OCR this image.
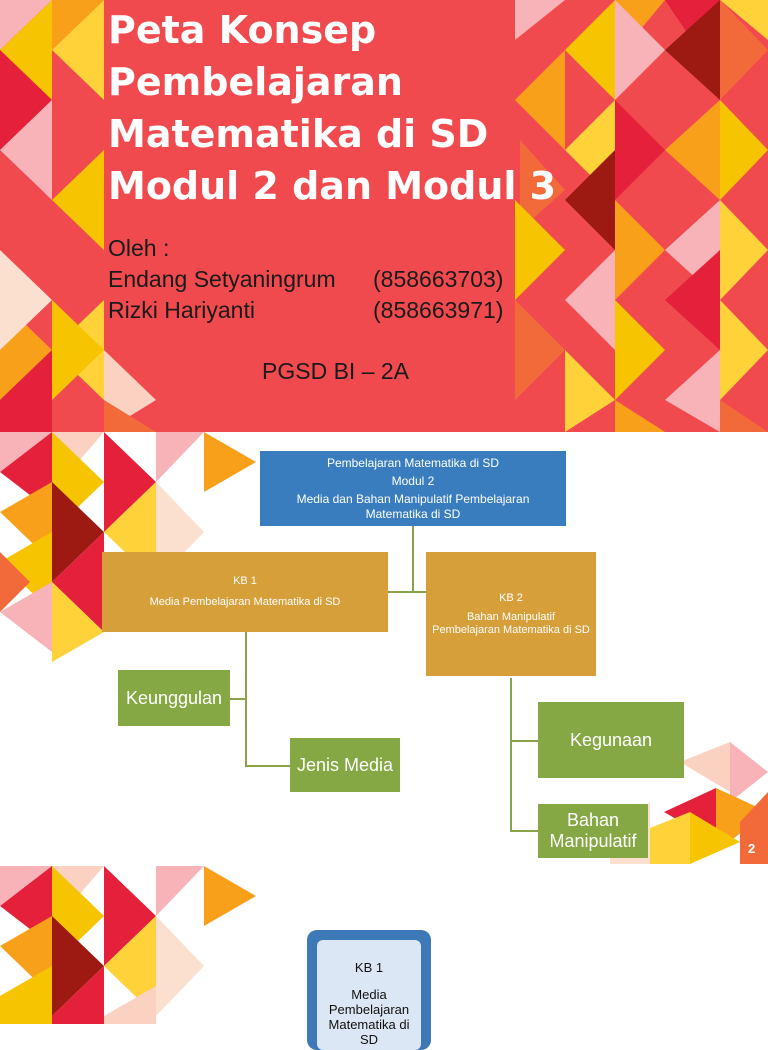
Peta Konsep
Pembelajaran
Matematika di SD
Modul 2 dan Modul 3
Oleh :
Endang Setyaningrum (858663703)
Rizki Hariyanti	(858663971)
PGSD BI – 2A
Pembelajaran Matematika di SD
Modul 2
Media dan Bahan Manipulatif Pembelajaran Matematika di SD
KB 1
Media Pembelajaran Matematika di SD	KB 2
Bahan Manipulatif Pembelajaran Matematika di SD
Keunggulan
Jenis Media
Kegunaan
Bahan Manipulatif	2
KB 1
Media Pembelajaran Matematika di SD
